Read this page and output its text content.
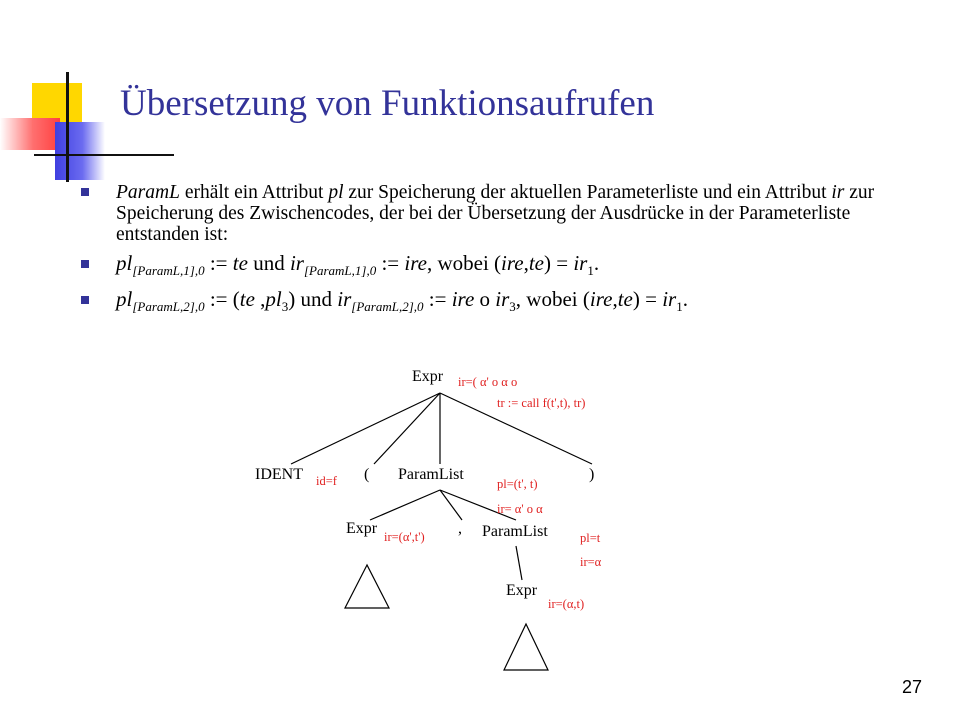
Übersetzung von Funktionsaufrufen
ParamL erhält ein Attribut pl zur Speicherung der aktuellen Parameterliste und ein Attribut ir zur Speicherung des Zwischencodes, der bei der Übersetzung der Ausdrücke in der Parameterliste entstanden ist:
$pl_{[ParamL,1],0}$ := te und $ir_{[ParamL,1],0}$ := ire, wobei $(ire,te) = ir_1$.
$pl_{[ParamL,2],0}$ := (te $,pl_3$) und $ir_{[ParamL,2],0}$ := ire o $ir_3$, wobei $(ire,te) = ir_1$.
Expr
IDENT	( ParamList	)
Expr	, ParamList
Expr
ir=( α' o α o
tr := call f(t',t), tr)
id=f	pl=(t', t)
ir= α' o α
ir=(α',t')	pl=t
ir=α
ir=(α,t)
27
